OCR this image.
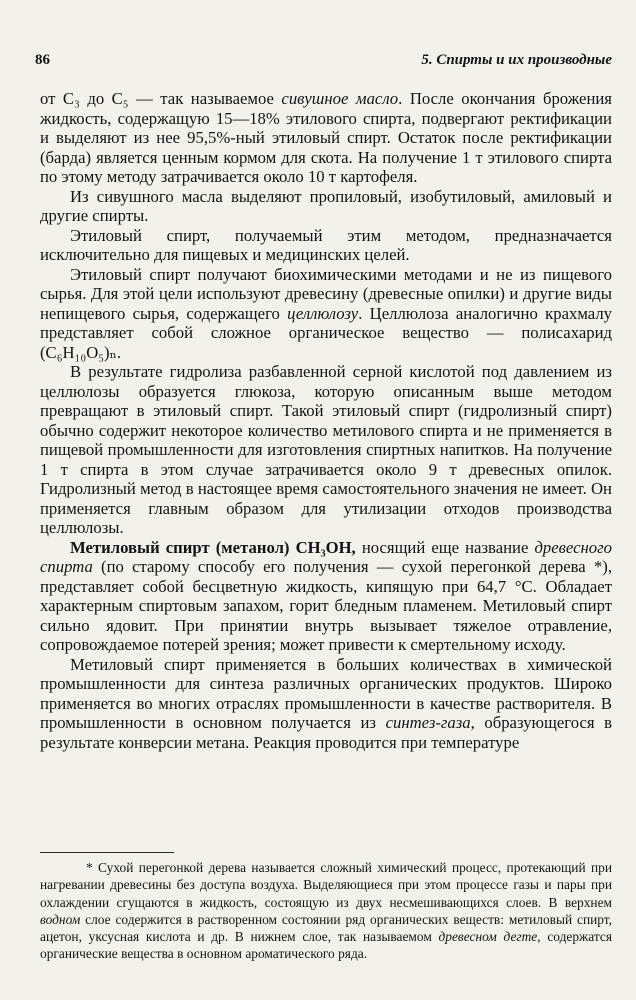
86	5. Спирты и их производные

от C₃ до C₅ — так называемое сивушное масло. После окончания брожения жидкость, содержащую 15—18% этилового спирта, подвергают ректификации и выделяют из нее 95,5%-ный этиловый спирт. Остаток после ректификации (барда) является ценным кормом для скота. На получение 1 т этилового спирта по этому методу затрачивается около 10 т картофеля.

Из сивушного масла выделяют пропиловый, изобутиловый, амиловый и другие спирты.

Этиловый спирт, получаемый этим методом, предназначается исключительно для пищевых и медицинских целей.

Этиловый спирт получают биохимическими методами и не из пищевого сырья. Для этой цели используют древесину (древесные опилки) и другие виды непищевого сырья, содержащего целлюлозу. Целлюлоза аналогично крахмалу представляет собой сложное органическое вещество — полисахарид (C₆H₁₀O₅)ₙ.

В результате гидролиза разбавленной серной кислотой под давлением из целлюлозы образуется глюкоза, которую описанным выше методом превращают в этиловый спирт. Такой этиловый спирт (гидролизный спирт) обычно содержит некоторое количество метилового спирта и не применяется в пищевой промышленности для изготовления спиртных напитков. На получение 1 т спирта в этом случае затрачивается около 9 т древесных опилок. Гидролизный метод в настоящее время самостоятельного значения не имеет. Он применяется главным образом для утилизации отходов производства целлюлозы.

Метиловый спирт (метанол) CH₃OH, носящий еще название древесного спирта (по старому способу его получения — сухой перегонкой дерева *), представляет собой бесцветную жидкость, кипящую при 64,7 °C. Обладает характерным спиртовым запахом, горит бледным пламенем. Метиловый спирт сильно ядовит. При принятии внутрь вызывает тяжелое отравление, сопровождаемое потерей зрения; может привести к смертельному исходу.

Метиловый спирт применяется в больших количествах в химической промышленности для синтеза различных органических продуктов. Широко применяется во многих отраслях промышленности в качестве растворителя. В промышленности в основном получается из синтез-газа, образующегося в результате конверсии метана. Реакция проводится при температуре

* Сухой перегонкой дерева называется сложный химический процесс, протекающий при нагревании древесины без доступа воздуха. Выделяющиеся при этом процессе газы и пары при охлаждении сгущаются в жидкость, состоящую из двух несмешивающихся слоев. В верхнем водном слое содержится в растворенном состоянии ряд органических веществ: метиловый спирт, ацетон, уксусная кислота и др. В нижнем слое, так называемом древесном дегте, содержатся органические вещества в основном ароматического ряда.
